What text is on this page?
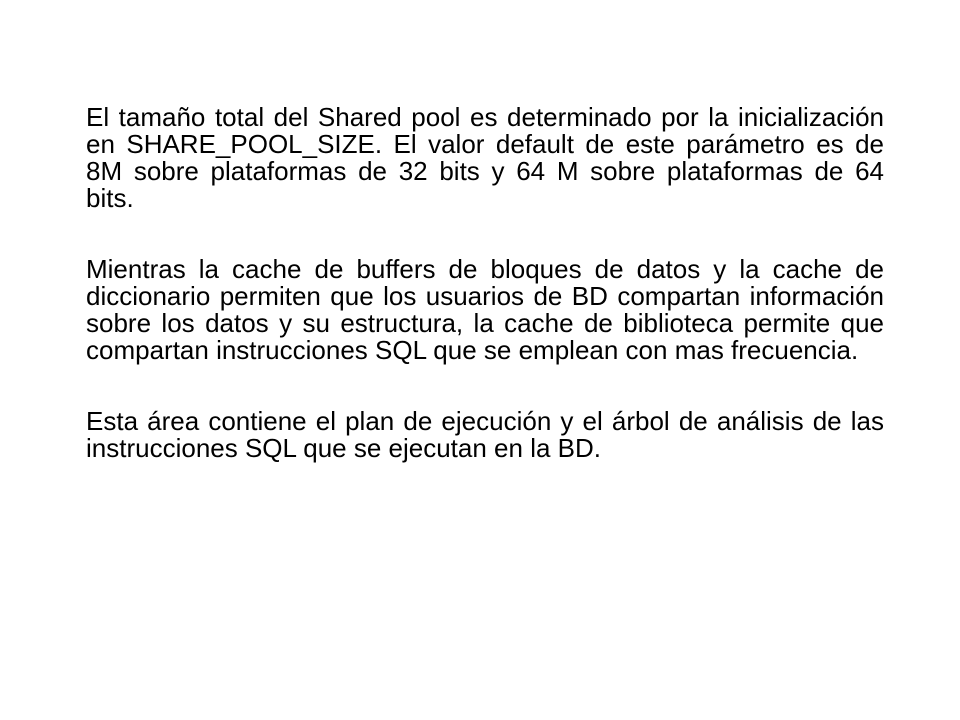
El tamaño total del Shared pool es determinado por la inicialización en SHARE_POOL_SIZE. El valor default de este parámetro es de 8M sobre plataformas de 32 bits y 64 M sobre plataformas de 64 bits.

Mientras la cache de buffers de bloques de datos y la cache de diccionario permiten que los usuarios de BD compartan información sobre los datos y su estructura, la cache de biblioteca permite que compartan instrucciones SQL que se emplean con mas frecuencia.

Esta área contiene el plan de ejecución y el árbol de análisis de las instrucciones SQL que se ejecutan en la BD.
